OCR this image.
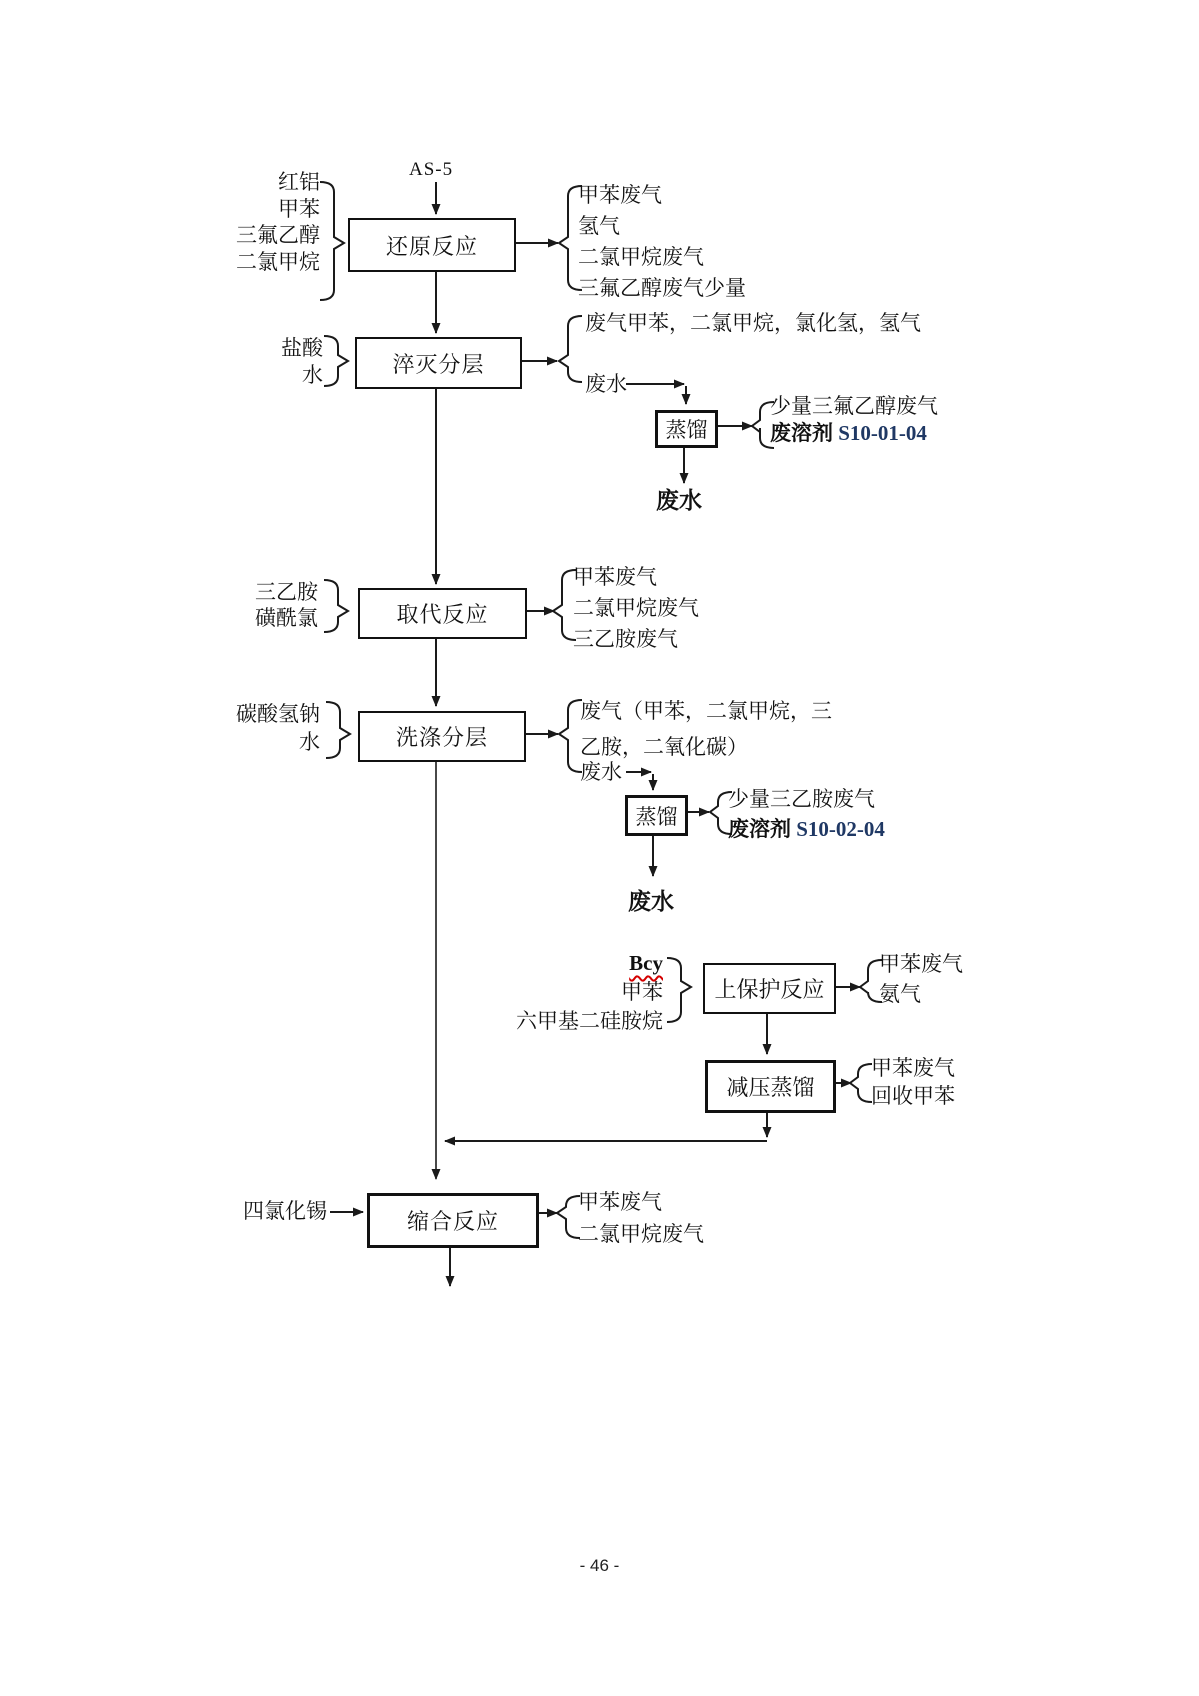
AS-5
红铝
甲苯
三氟乙醇
二氯甲烷
还原反应
甲苯废气
氢气
二氯甲烷废气
三氟乙醇废气少量
盐酸
水	淬灭分层
废气甲苯，二氯甲烷，氯化氢，氢气
废水
蒸馏
少量三氟乙醇废气
废溶剂 S10-01-04
废水
三乙胺
磺酰氯	取代反应
甲苯废气
二氯甲烷废气
三乙胺废气
碳酸氢钠
水	洗涤分层
废气（甲苯，二氯甲烷，三
乙胺，二氧化碳）
废水
蒸馏
少量三乙胺废气
废溶剂 S10-02-04
废水
Bcy
甲苯
六甲基二硅胺烷
上保护反应
甲苯废气
氨气
减压蒸馏
甲苯废气
回收甲苯
四氯化锡	缩合反应
甲苯废气
二氯甲烷废气
- 46 -
